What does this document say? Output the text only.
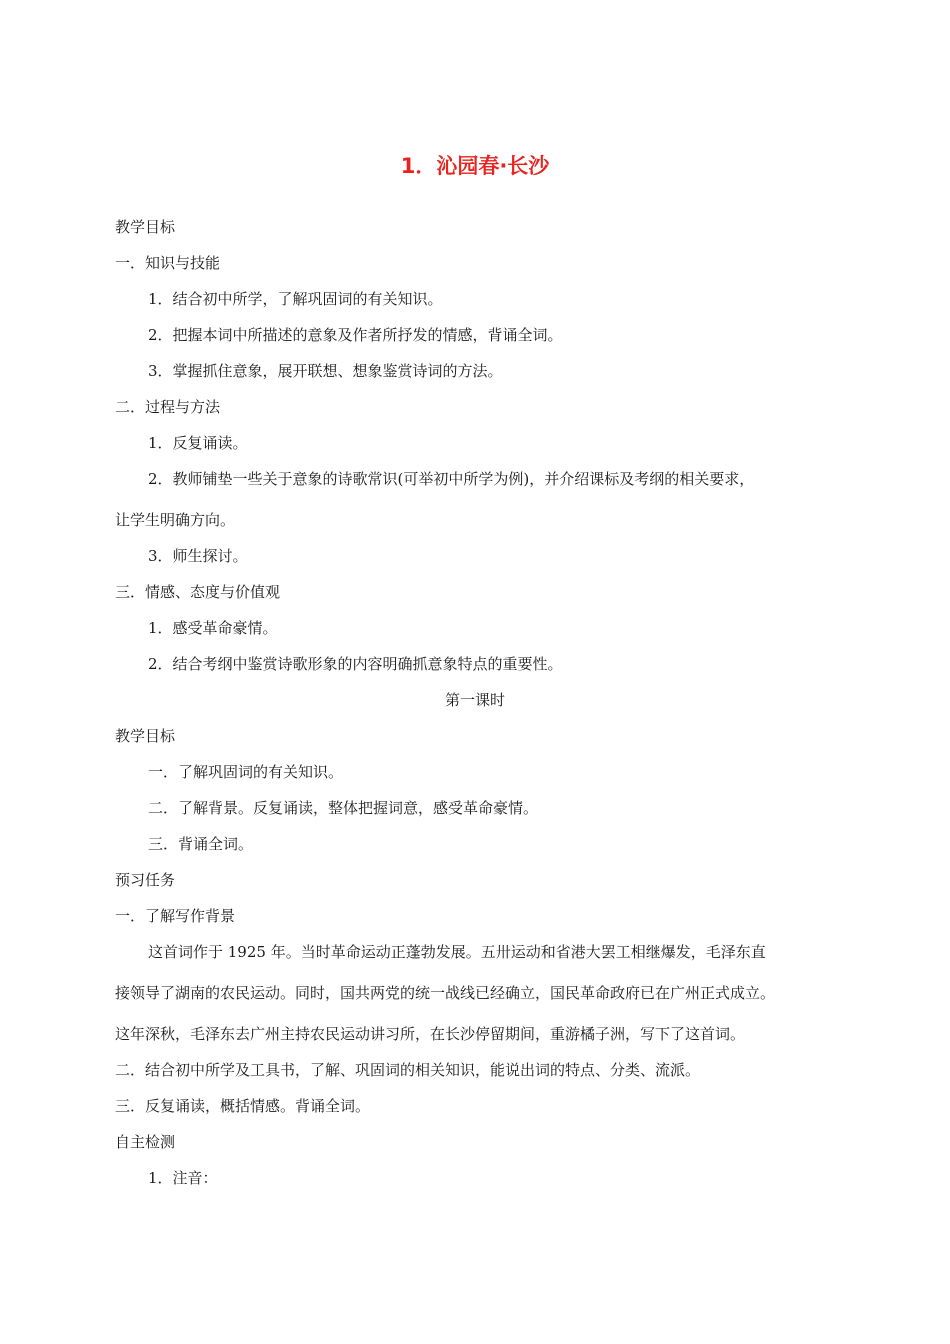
1．沁园春·长沙
教学目标
一．知识与技能
1．结合初中所学，了解巩固词的有关知识。
2．把握本词中所描述的意象及作者所抒发的情感，背诵全词。
3．掌握抓住意象，展开联想、想象鉴赏诗词的方法。
二．过程与方法
1．反复诵读。
2．教师铺垫一些关于意象的诗歌常识(可举初中所学为例)，并介绍课标及考纲的相关要求，
让学生明确方向。
3．师生探讨。
三．情感、态度与价值观
1．感受革命豪情。
2．结合考纲中鉴赏诗歌形象的内容明确抓意象特点的重要性。
第一课时
教学目标
一．了解巩固词的有关知识。
二．了解背景。反复诵读，整体把握词意，感受革命豪情。
三．背诵全词。
预习任务
一．了解写作背景
这首词作于 1925 年。当时革命运动正蓬勃发展。五卅运动和省港大罢工相继爆发，毛泽东直
接领导了湖南的农民运动。同时，国共两党的统一战线已经确立，国民革命政府已在广州正式成立。
这年深秋，毛泽东去广州主持农民运动讲习所，在长沙停留期间，重游橘子洲，写下了这首词。
二．结合初中所学及工具书，了解、巩固词的相关知识，能说出词的特点、分类、流派。
三．反复诵读，概括情感。背诵全词。
自主检测
1．注音：
